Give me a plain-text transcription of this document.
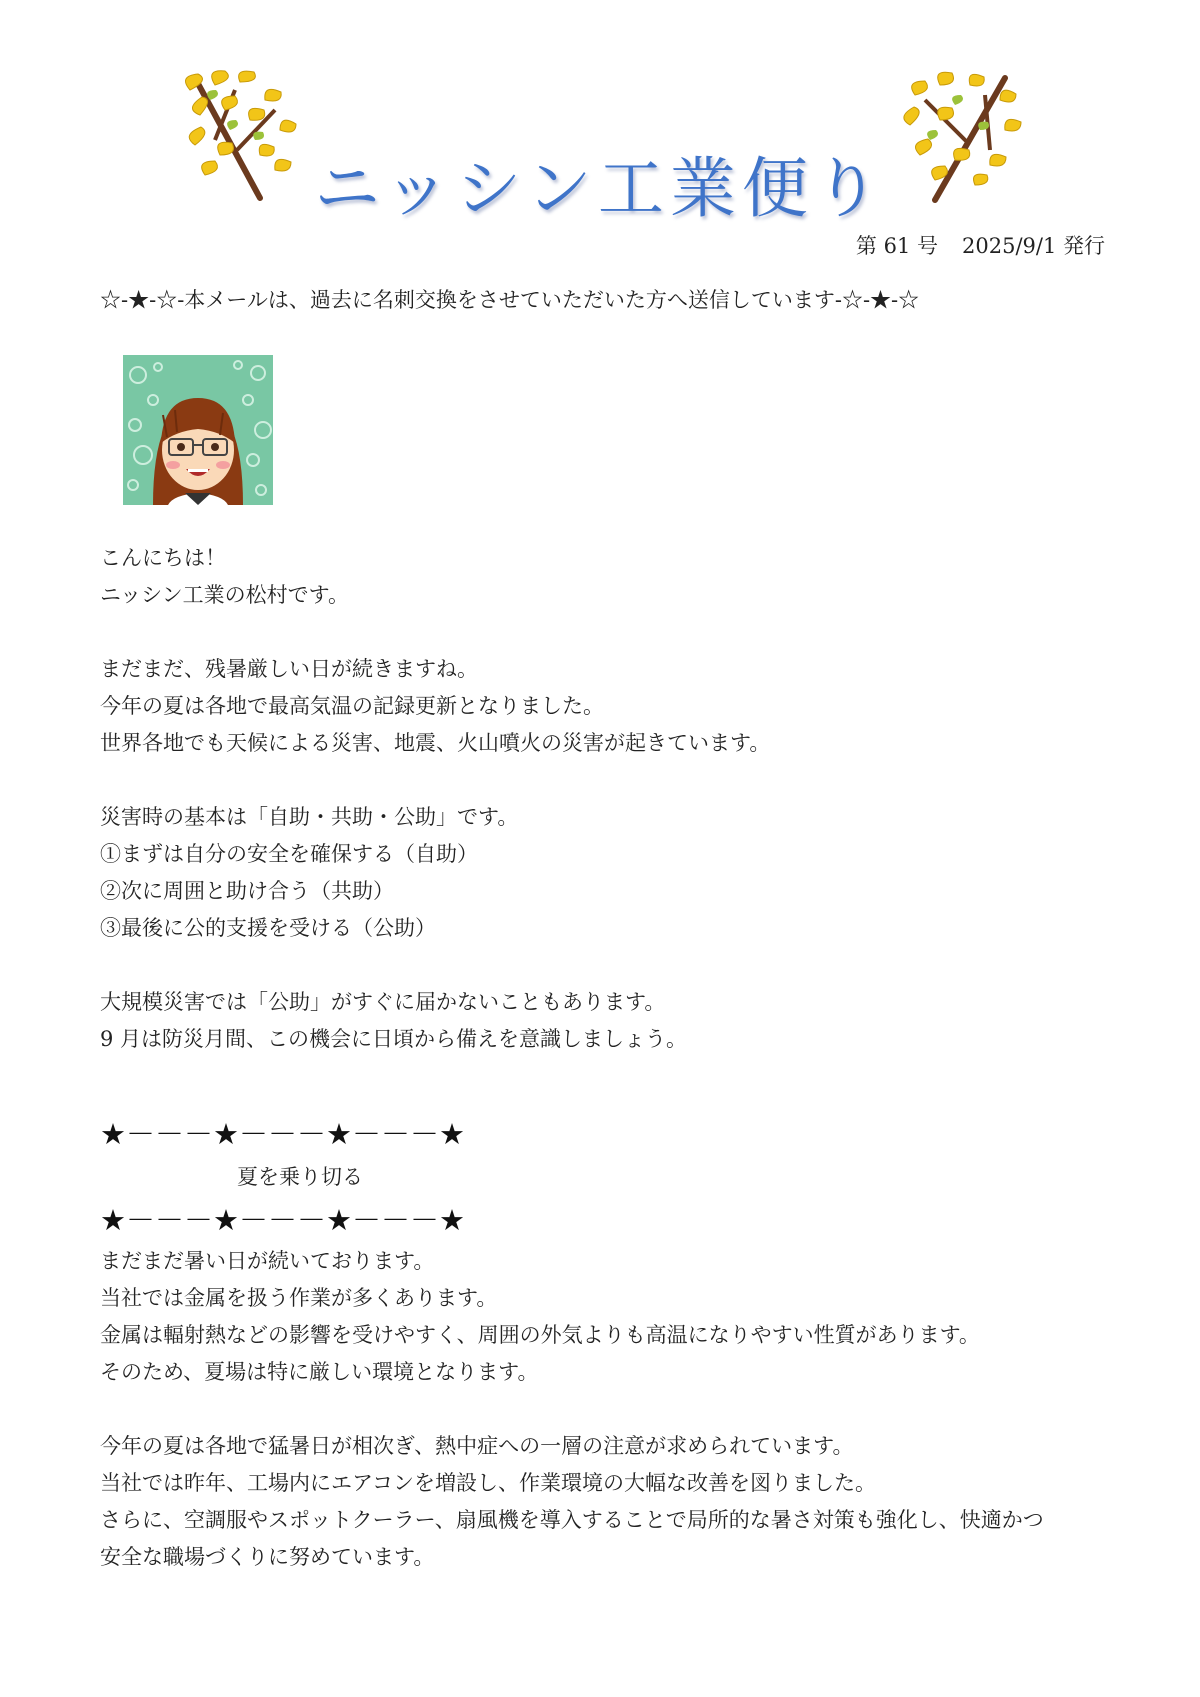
ニッシン工業便り
第 61 号 2025/9/1 発行
☆-★-☆-本メールは、過去に名刺交換をさせていただいた方へ送信しています-☆-★-☆

こんにちは！

ニッシン工業の松村です。

まだまだ、残暑厳しい日が続きますね。

今年の夏は各地で最高気温の記録更新となりました。

世界各地でも天候による災害、地震、火山噴火の災害が起きています。

災害時の基本は「自助・共助・公助」です。

①まずは自分の安全を確保する（自助）

②次に周囲と助け合う（共助）

③最後に公的支援を受ける（公助）

大規模災害では「公助」がすぐに届かないこともあります。

9 月は防災月間、この機会に日頃から備えを意識しましょう。

★－－－★－－－★－－－★

夏を乗り切る

★－－－★－－－★－－－★

まだまだ暑い日が続いております。

当社では金属を扱う作業が多くあります。

金属は輻射熱などの影響を受けやすく、周囲の外気よりも高温になりやすい性質があります。

そのため、夏場は特に厳しい環境となります。

今年の夏は各地で猛暑日が相次ぎ、熱中症への一層の注意が求められています。

当社では昨年、工場内にエアコンを増設し、作業環境の大幅な改善を図りました。

さらに、空調服やスポットクーラー、扇風機を導入することで局所的な暑さ対策も強化し、快適かつ

安全な職場づくりに努めています。
